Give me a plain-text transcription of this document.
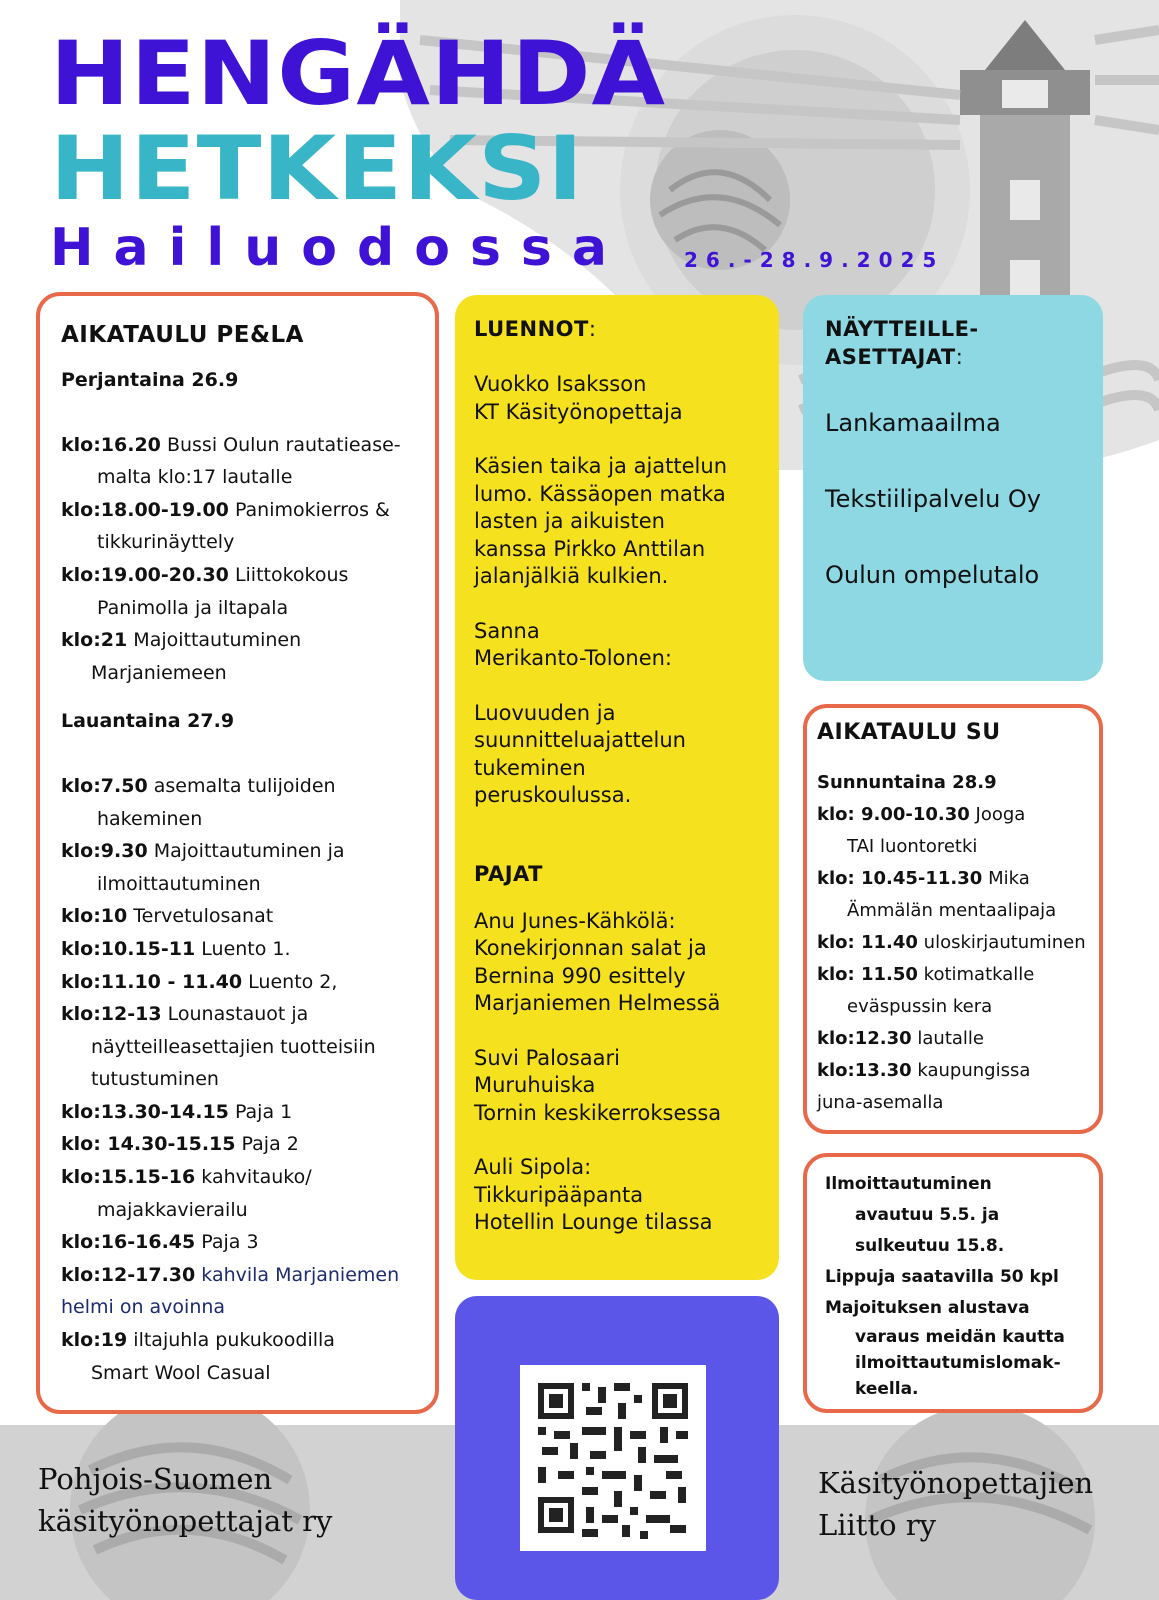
HENGÄHDÄ
HETKEKSI
Hailuodossa	26.-28.9.2025
AIKATAULU PE&LA
Perjantaina 26.9
klo:16.20 Bussi Oulun rautatiease-
malta klo:17 lautalle
klo:18.00-19.00 Panimokierros &
tikkurinäyttely
klo:19.00-20.30 Liittokokous
Panimolla ja iltapala
klo:21 Majoittautuminen
Marjaniemeen
Lauantaina 27.9
klo:7.50 asemalta tulijoiden
hakeminen
klo:9.30 Majoittautuminen ja
ilmoittautuminen
klo:10 Tervetulosanat
klo:10.15-11 Luento 1.
klo:11.10 - 11.40 Luento 2,
klo:12-13 Lounastauot ja
näytteilleasettajien tuotteisiin
tutustuminen
klo:13.30-14.15 Paja 1
klo: 14.30-15.15 Paja 2
klo:15.15-16 kahvitauko/
majakkavierailu
klo:16-16.45 Paja 3
klo:12-17.30 kahvila Marjaniemen
helmi on avoinna
klo:19 iltajuhla pukukoodilla
Smart Wool Casual
LUENNOT:
Vuokko Isaksson
KT Käsityönopettaja
Käsien taika ja ajattelun
lumo. Kässäopen matka
lasten ja aikuisten
kanssa Pirkko Anttilan
jalanjälkiä kulkien.
Sanna
Merikanto-Tolonen:
Luovuuden ja
suunnitteluajattelun
tukeminen
peruskoulussa.
PAJAT
Anu Junes-Kähkölä:
Konekirjonnan salat ja
Bernina 990 esittely
Marjaniemen Helmessä
Suvi Palosaari
Muruhuiska
Tornin keskikerroksessa
Auli Sipola:
Tikkuripääpanta
Hotellin Lounge tilassa
NÄYTTEILLE-
ASETTAJAT:
Lankamaailma
Tekstiilipalvelu Oy
Oulun ompelutalo
AIKATAULU SU
Sunnuntaina 28.9
klo: 9.00-10.30 Jooga
TAI luontoretki
klo: 10.45-11.30 Mika
Ämmälän mentaalipaja
klo: 11.40 uloskirjautuminen
klo: 11.50 kotimatkalle
eväspussin kera
klo:12.30 lautalle
klo:13.30 kaupungissa
juna-asemalla
Ilmoittautuminen
avautuu 5.5. ja
sulkeutuu 15.8.
Lippuja saatavilla 50 kpl
Majoituksen alustava
varaus meidän kautta
ilmoittautumislomak-
keella.
Pohjois-Suomen
käsityönopettajat ry
Käsityönopettajien
Liitto ry
